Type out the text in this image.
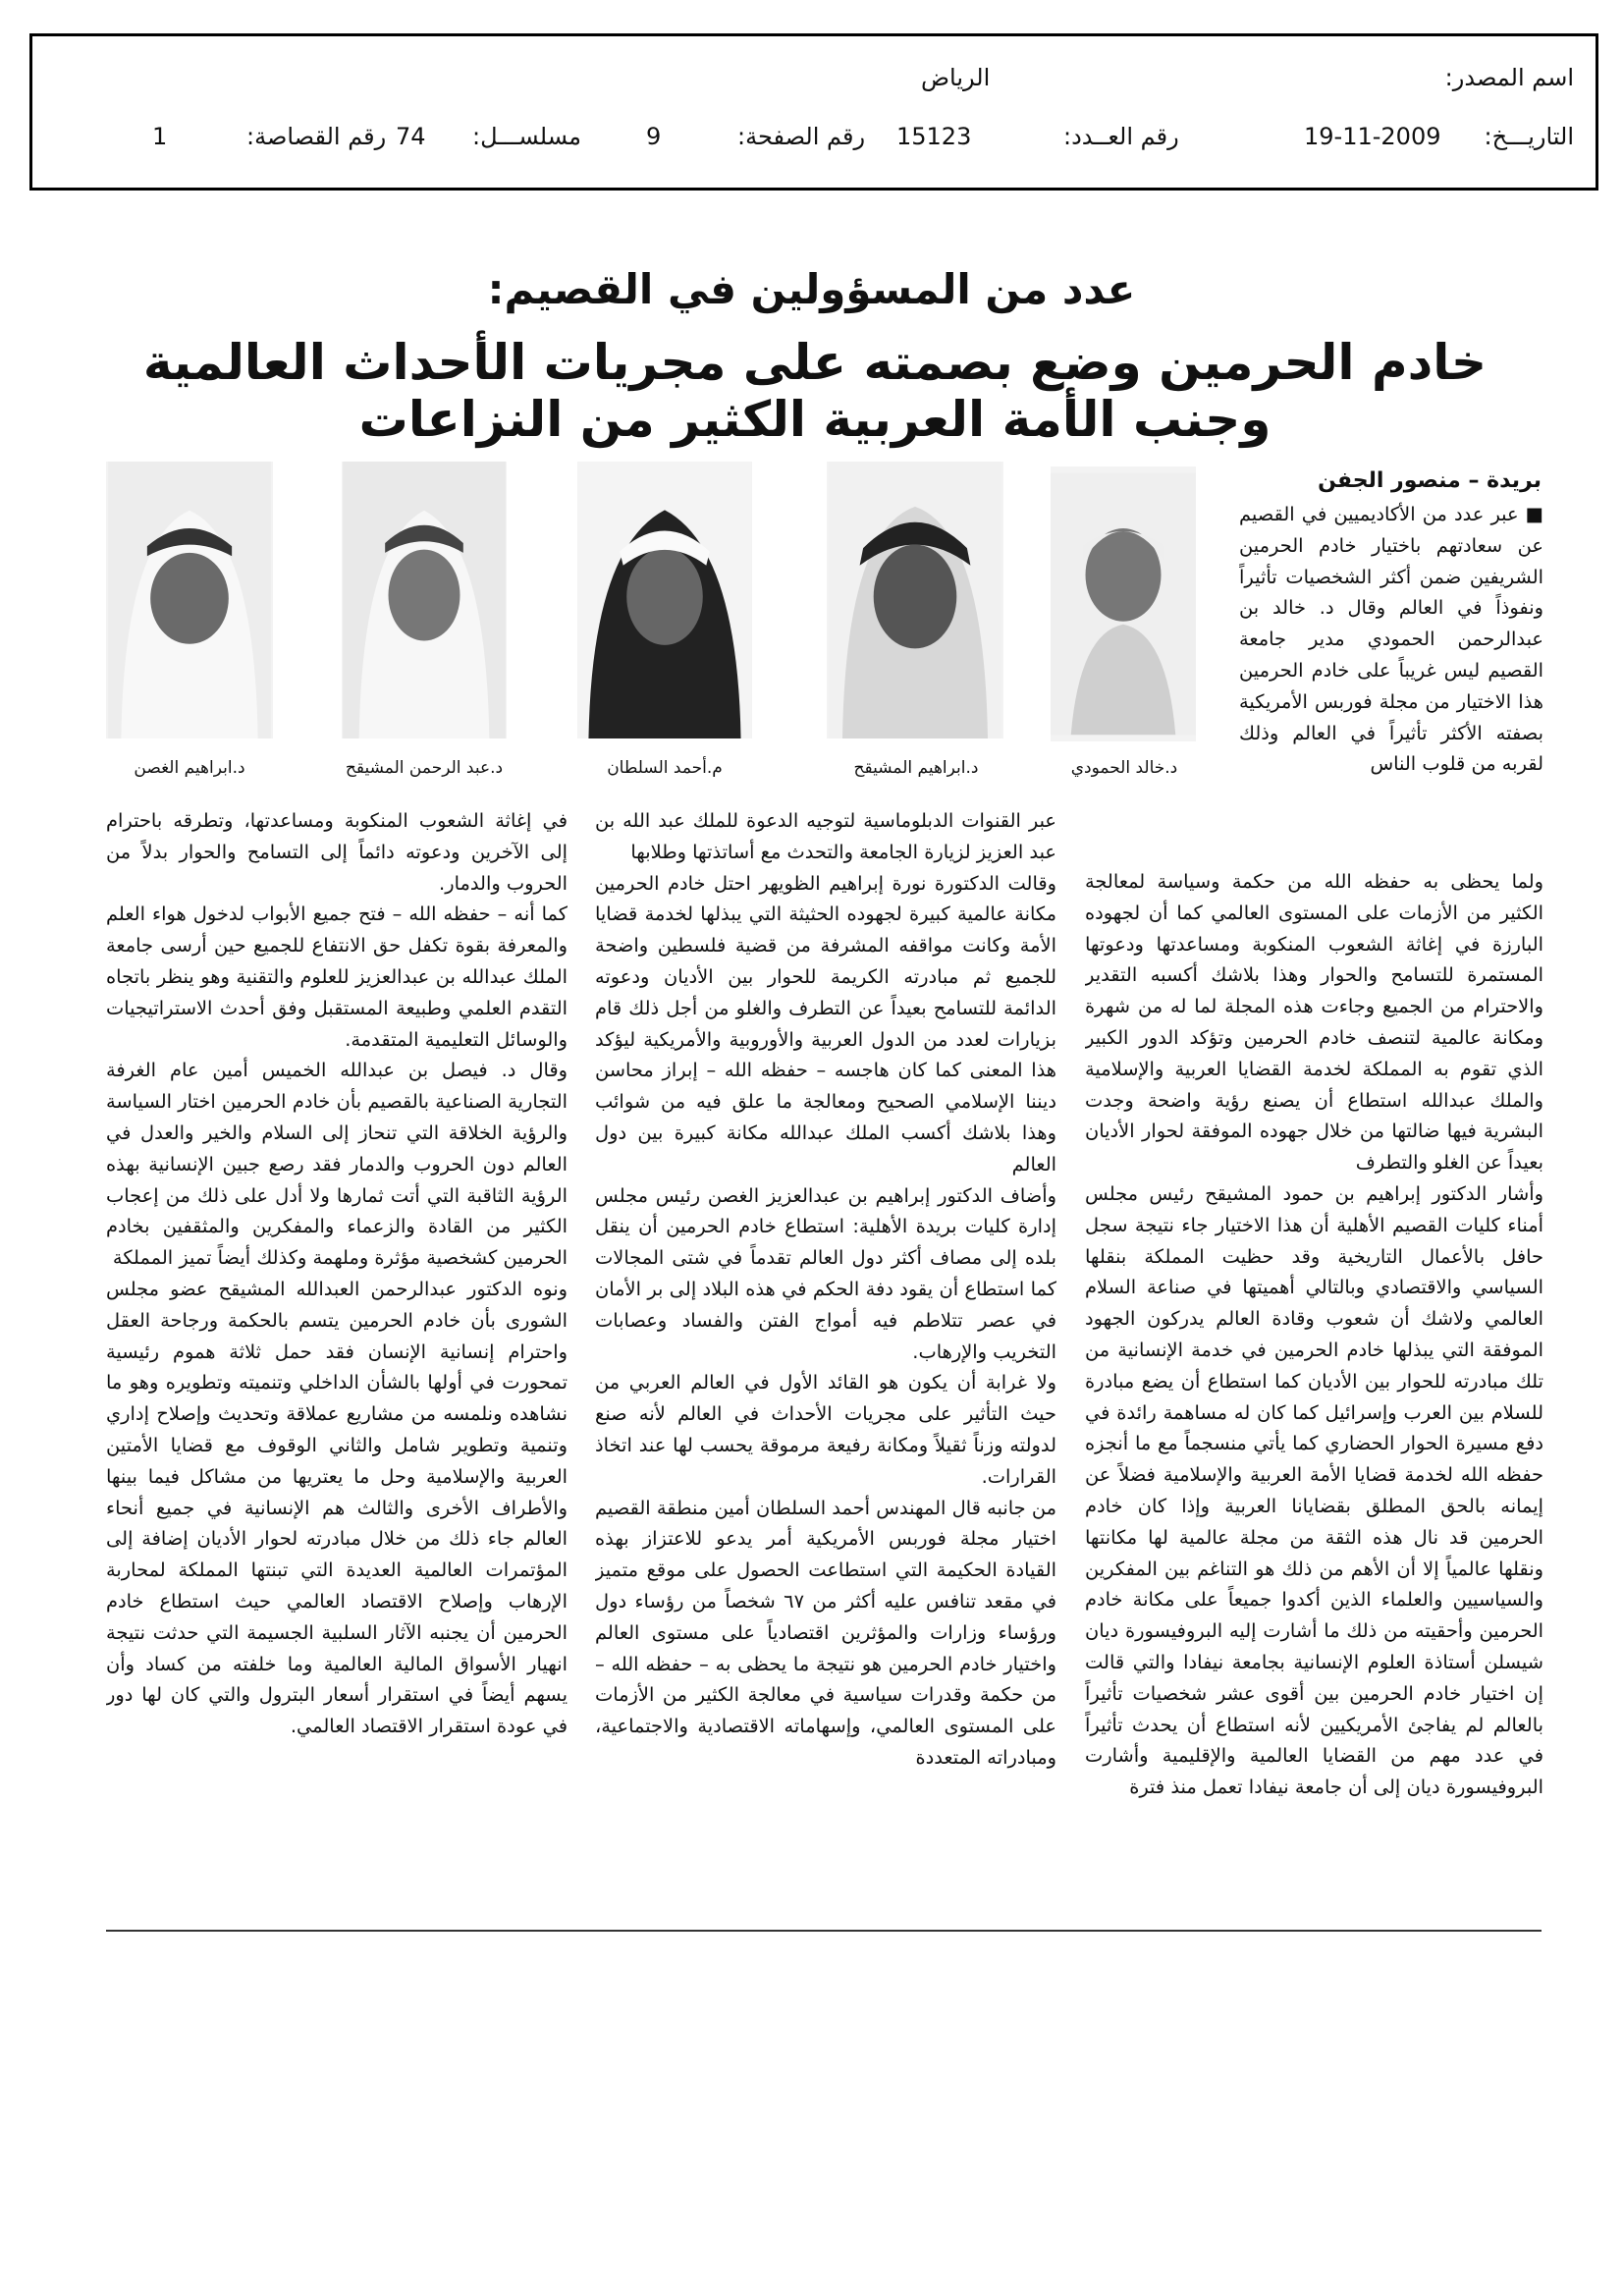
اسم المصدر:
الرياض
التاريـــخ:
19-11-2009
رقم العــدد:
15123
رقم الصفحة:
9
مسلســـل:
74
رقم القصاصة:
1
عدد من المسؤولين في القصيم:
خادم الحرمين وضع بصمته على مجريات الأحداث العالمية وجنب الأمة العربية الكثير من النزاعات
بريدة – منصور الجفن
د.خالد الحمودي
د.ابراهيم المشيقح
م.أحمد السلطان
د.عبد الرحمن المشيقح
د.ابراهيم الغصن

■ عبر عدد من الأكاديميين في القصيم عن سعادتهم باختيار خادم الحرمين الشريفين ضمن أكثر الشخصيات تأثيراً ونفوذاً في العالم وقال د. خالد بن عبدالرحمن الحمودي مدير جامعة القصيم ليس غريباً على خادم الحرمين هذا الاختيار من مجلة فوربس الأمريكية بصفته الأكثر تأثيراً في العالم وذلك لقربه من قلوب الناس

ولما يحظى به حفظه الله من حكمة وسياسة لمعالجة الكثير من الأزمات على المستوى العالمي كما أن لجهوده البارزة في إغاثة الشعوب المنكوبة ومساعدتها ودعوتها المستمرة للتسامح والحوار وهذا بلاشك أكسبه التقدير والاحترام من الجميع وجاءت هذه المجلة لما له من شهرة ومكانة عالمية لتنصف خادم الحرمين وتؤكد الدور الكبير الذي تقوم به المملكة لخدمة القضايا العربية والإسلامية والملك عبدالله استطاع أن يصنع رؤية واضحة وجدت البشرية فيها ضالتها من خلال جهوده الموفقة لحوار الأديان بعيداً عن الغلو والتطرف

وأشار الدكتور إبراهيم بن حمود المشيقح رئيس مجلس أمناء كليات القصيم الأهلية أن هذا الاختيار جاء نتيجة سجل حافل بالأعمال التاريخية وقد حظيت المملكة بنقلها السياسي والاقتصادي وبالتالي أهميتها في صناعة السلام العالمي ولاشك أن شعوب وقادة العالم يدركون الجهود الموفقة التي يبذلها خادم الحرمين في خدمة الإنسانية من تلك مبادرته للحوار بين الأديان كما استطاع أن يضع مبادرة للسلام بين العرب وإسرائيل كما كان له مساهمة رائدة في دفع مسيرة الحوار الحضاري كما يأتي منسجماً مع ما أنجزه حفظه الله لخدمة قضايا الأمة العربية والإسلامية فضلاً عن إيمانه بالحق المطلق بقضايانا العربية وإذا كان خادم الحرمين قد نال هذه الثقة من مجلة عالمية لها مكانتها ونقلها عالمياً إلا أن الأهم من ذلك هو التناغم بين المفكرين والسياسيين والعلماء الذين أكدوا جميعاً على مكانة خادم الحرمين وأحقيته من ذلك ما أشارت إليه البروفيسورة ديان شيسلن أستاذة العلوم الإنسانية بجامعة نيفادا والتي قالت إن اختيار خادم الحرمين بين أقوى عشر شخصيات تأثيراً بالعالم لم يفاجئ الأمريكيين لأنه استطاع أن يحدث تأثيراً في عدد مهم من القضايا العالمية والإقليمية وأشارت البروفيسورة ديان إلى أن جامعة نيفادا تعمل منذ فترة

عبر القنوات الدبلوماسية لتوجيه الدعوة للملك عبد الله بن عبد العزيز لزيارة الجامعة والتحدث مع أساتذتها وطلابها

وقالت الدكتورة نورة إبراهيم الظويهر احتل خادم الحرمين مكانة عالمية كبيرة لجهوده الحثيثة التي يبذلها لخدمة قضايا الأمة وكانت مواقفه المشرفة من قضية فلسطين واضحة للجميع ثم مبادرته الكريمة للحوار بين الأديان ودعوته الدائمة للتسامح بعيداً عن التطرف والغلو من أجل ذلك قام بزيارات لعدد من الدول العربية والأوروبية والأمريكية ليؤكد هذا المعنى كما كان هاجسه – حفظه الله – إبراز محاسن ديننا الإسلامي الصحيح ومعالجة ما علق فيه من شوائب وهذا بلاشك أكسب الملك عبدالله مكانة كبيرة بين دول العالم

وأضاف الدكتور إبراهيم بن عبدالعزيز الغصن رئيس مجلس إدارة كليات بريدة الأهلية: استطاع خادم الحرمين أن ينقل بلده إلى مصاف أكثر دول العالم تقدماً في شتى المجالات كما استطاع أن يقود دفة الحكم في هذه البلاد إلى بر الأمان في عصر تتلاطم فيه أمواج الفتن والفساد وعصابات التخريب والإرهاب.

ولا غرابة أن يكون هو القائد الأول في العالم العربي من حيث التأثير على مجريات الأحداث في العالم لأنه صنع لدولته وزناً ثقيلاً ومكانة رفيعة مرموقة يحسب لها عند اتخاذ القرارات.

من جانبه قال المهندس أحمد السلطان أمين منطقة القصيم اختيار مجلة فوربس الأمريكية أمر يدعو للاعتزاز بهذه القيادة الحكيمة التي استطاعت الحصول على موقع متميز في مقعد تنافس عليه أكثر من ٦٧ شخصاً من رؤساء دول ورؤساء وزارات والمؤثرين اقتصادياً على مستوى العالم واختيار خادم الحرمين هو نتيجة ما يحظى به – حفظه الله – من حكمة وقدرات سياسية في معالجة الكثير من الأزمات على المستوى العالمي، وإسهاماته الاقتصادية والاجتماعية، ومبادراته المتعددة

في إغاثة الشعوب المنكوبة ومساعدتها، وتطرقه باحترام إلى الآخرين ودعوته دائماً إلى التسامح والحوار بدلاً من الحروب والدمار.

كما أنه – حفظه الله – فتح جميع الأبواب لدخول هواء العلم والمعرفة بقوة تكفل حق الانتفاع للجميع حين أرسى جامعة الملك عبدالله بن عبدالعزيز للعلوم والتقنية وهو ينظر باتجاه التقدم العلمي وطبيعة المستقبل وفق أحدث الاستراتيجيات والوسائل التعليمية المتقدمة.

وقال د. فيصل بن عبدالله الخميس أمين عام الغرفة التجارية الصناعية بالقصيم بأن خادم الحرمين اختار السياسة والرؤية الخلاقة التي تنحاز إلى السلام والخير والعدل في العالم دون الحروب والدمار فقد رصع جبين الإنسانية بهذه الرؤية الثاقبة التي أتت ثمارها ولا أدل على ذلك من إعجاب الكثير من القادة والزعماء والمفكرين والمثقفين بخادم الحرمين كشخصية مؤثرة وملهمة وكذلك أيضاً تميز المملكة

ونوه الدكتور عبدالرحمن العبدالله المشيقح عضو مجلس الشورى بأن خادم الحرمين يتسم بالحكمة ورجاحة العقل واحترام إنسانية الإنسان فقد حمل ثلاثة هموم رئيسية تمحورت في أولها بالشأن الداخلي وتنميته وتطويره وهو ما نشاهده ونلمسه من مشاريع عملاقة وتحديث وإصلاح إداري وتنمية وتطوير شامل والثاني الوقوف مع قضايا الأمتين العربية والإسلامية وحل ما يعتريها من مشاكل فيما بينها والأطراف الأخرى والثالث هم الإنسانية في جميع أنحاء العالم جاء ذلك من خلال مبادرته لحوار الأديان إضافة إلى المؤتمرات العالمية العديدة التي تبنتها المملكة لمحاربة الإرهاب وإصلاح الاقتصاد العالمي حيث استطاع خادم الحرمين أن يجنبه الآثار السلبية الجسيمة التي حدثت نتيجة انهيار الأسواق المالية العالمية وما خلفته من كساد وأن يسهم أيضاً في استقرار أسعار البترول والتي كان لها دور في عودة استقرار الاقتصاد العالمي.
